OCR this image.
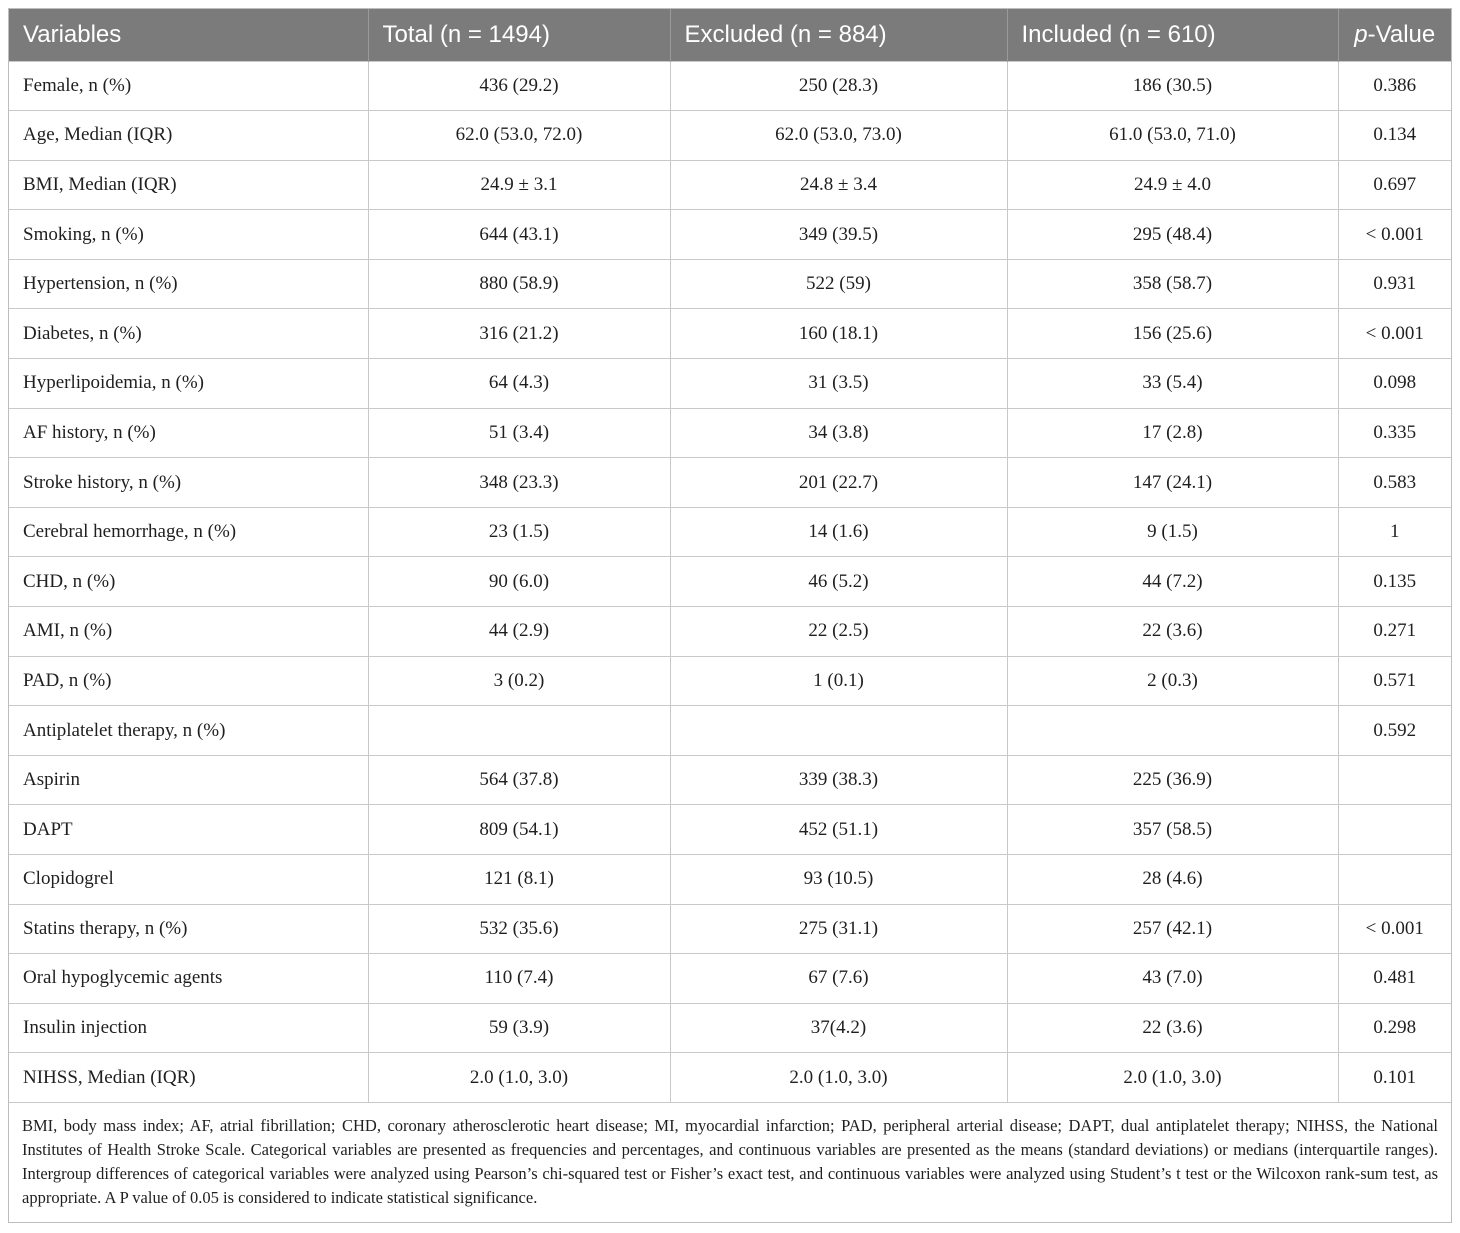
Variables	Total (n = 1494)	Excluded (n = 884)	Included (n = 610)	p-Value
Female, n (%)	436 (29.2)	250 (28.3)	186 (30.5)	0.386
Age, Median (IQR)	62.0 (53.0, 72.0)	62.0 (53.0, 73.0)	61.0 (53.0, 71.0)	0.134
BMI, Median (IQR)	24.9 ± 3.1	24.8 ± 3.4	24.9 ± 4.0	0.697
Smoking, n (%)	644 (43.1)	349 (39.5)	295 (48.4)	< 0.001
Hypertension, n (%)	880 (58.9)	522 (59)	358 (58.7)	0.931
Diabetes, n (%)	316 (21.2)	160 (18.1)	156 (25.6)	< 0.001
Hyperlipoidemia, n (%)	64 (4.3)	31 (3.5)	33 (5.4)	0.098
AF history, n (%)	51 (3.4)	34 (3.8)	17 (2.8)	0.335
Stroke history, n (%)	348 (23.3)	201 (22.7)	147 (24.1)	0.583
Cerebral hemorrhage, n (%)	23 (1.5)	14 (1.6)	9 (1.5)	1
CHD, n (%)	90 (6.0)	46 (5.2)	44 (7.2)	0.135
AMI, n (%)	44 (2.9)	22 (2.5)	22 (3.6)	0.271
PAD, n (%)	3 (0.2)	1 (0.1)	2 (0.3)	0.571
Antiplatelet therapy, n (%)				0.592
Aspirin	564 (37.8)	339 (38.3)	225 (36.9)	
DAPT	809 (54.1)	452 (51.1)	357 (58.5)	
Clopidogrel	121 (8.1)	93 (10.5)	28 (4.6)	
Statins therapy, n (%)	532 (35.6)	275 (31.1)	257 (42.1)	< 0.001
Oral hypoglycemic agents	110 (7.4)	67 (7.6)	43 (7.0)	0.481
Insulin injection	59 (3.9)	37(4.2)	22 (3.6)	0.298
NIHSS, Median (IQR)	2.0 (1.0, 3.0)	2.0 (1.0, 3.0)	2.0 (1.0, 3.0)	0.101
BMI, body mass index; AF, atrial fibrillation; CHD, coronary atherosclerotic heart disease; MI, myocardial infarction; PAD, peripheral arterial disease; DAPT, dual antiplatelet therapy; NIHSS, the National Institutes of Health Stroke Scale. Categorical variables are presented as frequencies and percentages, and continuous variables are presented as the means (standard deviations) or medians (interquartile ranges). Intergroup differences of categorical variables were analyzed using Pearson’s chi-squared test or Fisher’s exact test, and continuous variables were analyzed using Student’s t test or the Wilcoxon rank-sum test, as appropriate. A P value of 0.05 is considered to indicate statistical significance.
